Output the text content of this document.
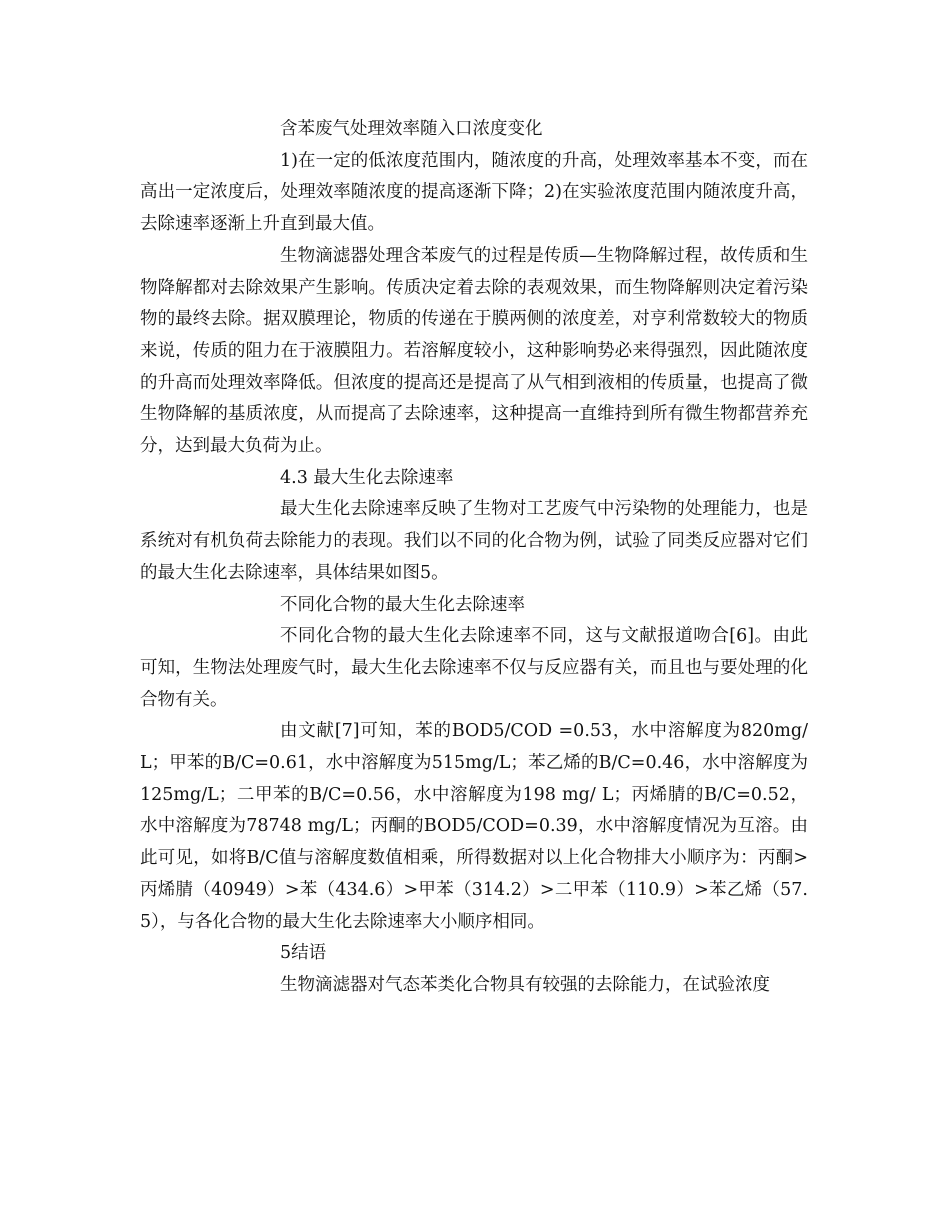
含苯废气处理效率随入口浓度变化

1)在一定的低浓度范围内，随浓度的升高，处理效率基本不变，而在高出一定浓度后，处理效率随浓度的提高逐渐下降；2)在实验浓度范围内随浓度升高，去除速率逐渐上升直到最大值。

生物滴滤器处理含苯废气的过程是传质—生物降解过程，故传质和生物降解都对去除效果产生影响。传质决定着去除的表观效果，而生物降解则决定着污染物的最终去除。据双膜理论，物质的传递在于膜两侧的浓度差，对亨利常数较大的物质来说，传质的阻力在于液膜阻力。若溶解度较小，这种影响势必来得强烈，因此随浓度的升高而处理效率降低。但浓度的提高还是提高了从气相到液相的传质量，也提高了微生物降解的基质浓度，从而提高了去除速率，这种提高一直维持到所有微生物都营养充分，达到最大负荷为止。

4.3 最大生化去除速率

最大生化去除速率反映了生物对工艺废气中污染物的处理能力，也是系统对有机负荷去除能力的表现。我们以不同的化合物为例，试验了同类反应器对它们的最大生化去除速率，具体结果如图5。

不同化合物的最大生化去除速率

不同化合物的最大生化去除速率不同，这与文献报道吻合[6]。由此可知，生物法处理废气时，最大生化去除速率不仅与反应器有关，而且也与要处理的化合物有关。

由文献[7]可知，苯的BOD5/COD =0.53，水中溶解度为820mg/L；甲苯的B/C=0.61，水中溶解度为515mg/L；苯乙烯的B/C=0.46，水中溶解度为125mg/L；二甲苯的B/C=0.56，水中溶解度为198 mg/ L；丙烯腈的B/C=0.52，水中溶解度为78748 mg/L；丙酮的BOD5/COD=0.39，水中溶解度情况为互溶。由此可见，如将B/C值与溶解度数值相乘，所得数据对以上化合物排大小顺序为：丙酮>丙烯腈（40949）>苯（434.6）>甲苯（314.2）>二甲苯（110.9）>苯乙烯（57.5），与各化合物的最大生化去除速率大小顺序相同。

5结语

生物滴滤器对气态苯类化合物具有较强的去除能力，在试验浓度
